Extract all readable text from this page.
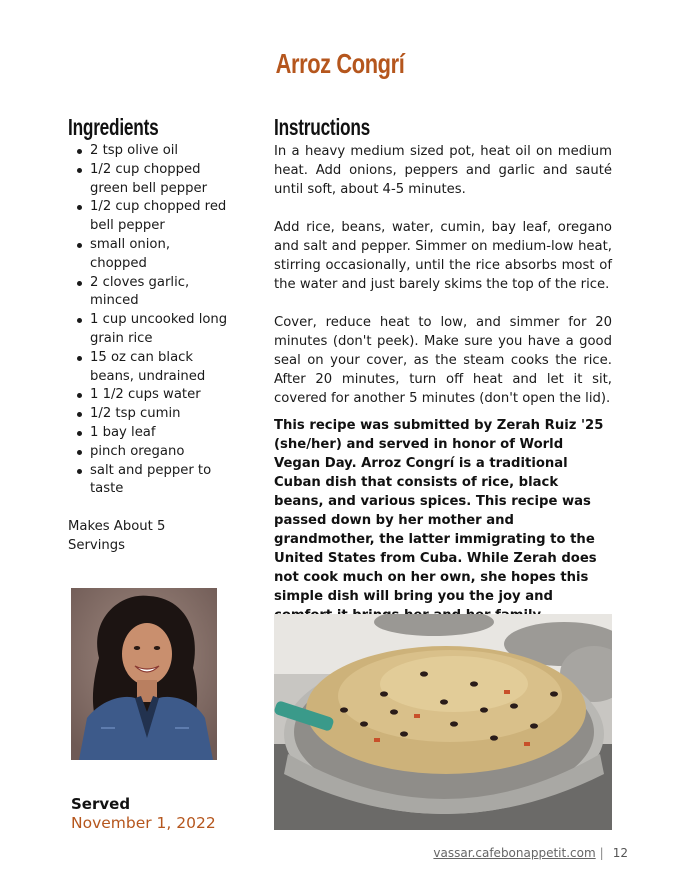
Arroz Congrí
Ingredients	Instructions
2 tsp olive oil
1/2 cup chopped green bell pepper
1/2 cup chopped red bell pepper
small onion, chopped
2 cloves garlic, minced
1 cup uncooked long grain rice
15 oz can black beans, undrained
1 1/2 cups water
1/2 tsp cumin
1 bay leaf
pinch oregano
salt and pepper to taste
Makes About 5 Servings

In a heavy medium sized pot, heat oil on medium heat. Add onions, peppers and garlic and sauté until soft, about 4-5 minutes.

Add rice, beans, water, cumin, bay leaf, oregano and salt and pepper. Simmer on medium-low heat, stirring occasionally, until the rice absorbs most of the water and just barely skims the top of the rice.

Cover, reduce heat to low, and simmer for 20 minutes (don't peek). Make sure you have a good seal on your cover, as the steam cooks the rice. After 20 minutes, turn off heat and let it sit, covered for another 5 minutes (don't open the lid).

This recipe was submitted by Zerah Ruiz '25 (she/her) and served in honor of World Vegan Day. Arroz Congrí is a traditional Cuban dish that consists of rice, black beans, and various spices. This recipe was passed down by her mother and grandmother, the latter immigrating to the United States from Cuba. While Zerah does not cook much on her own, she hopes this simple dish will bring you the joy and

Served
November 1, 2022
vassar.cafebonappetit.com | 12
